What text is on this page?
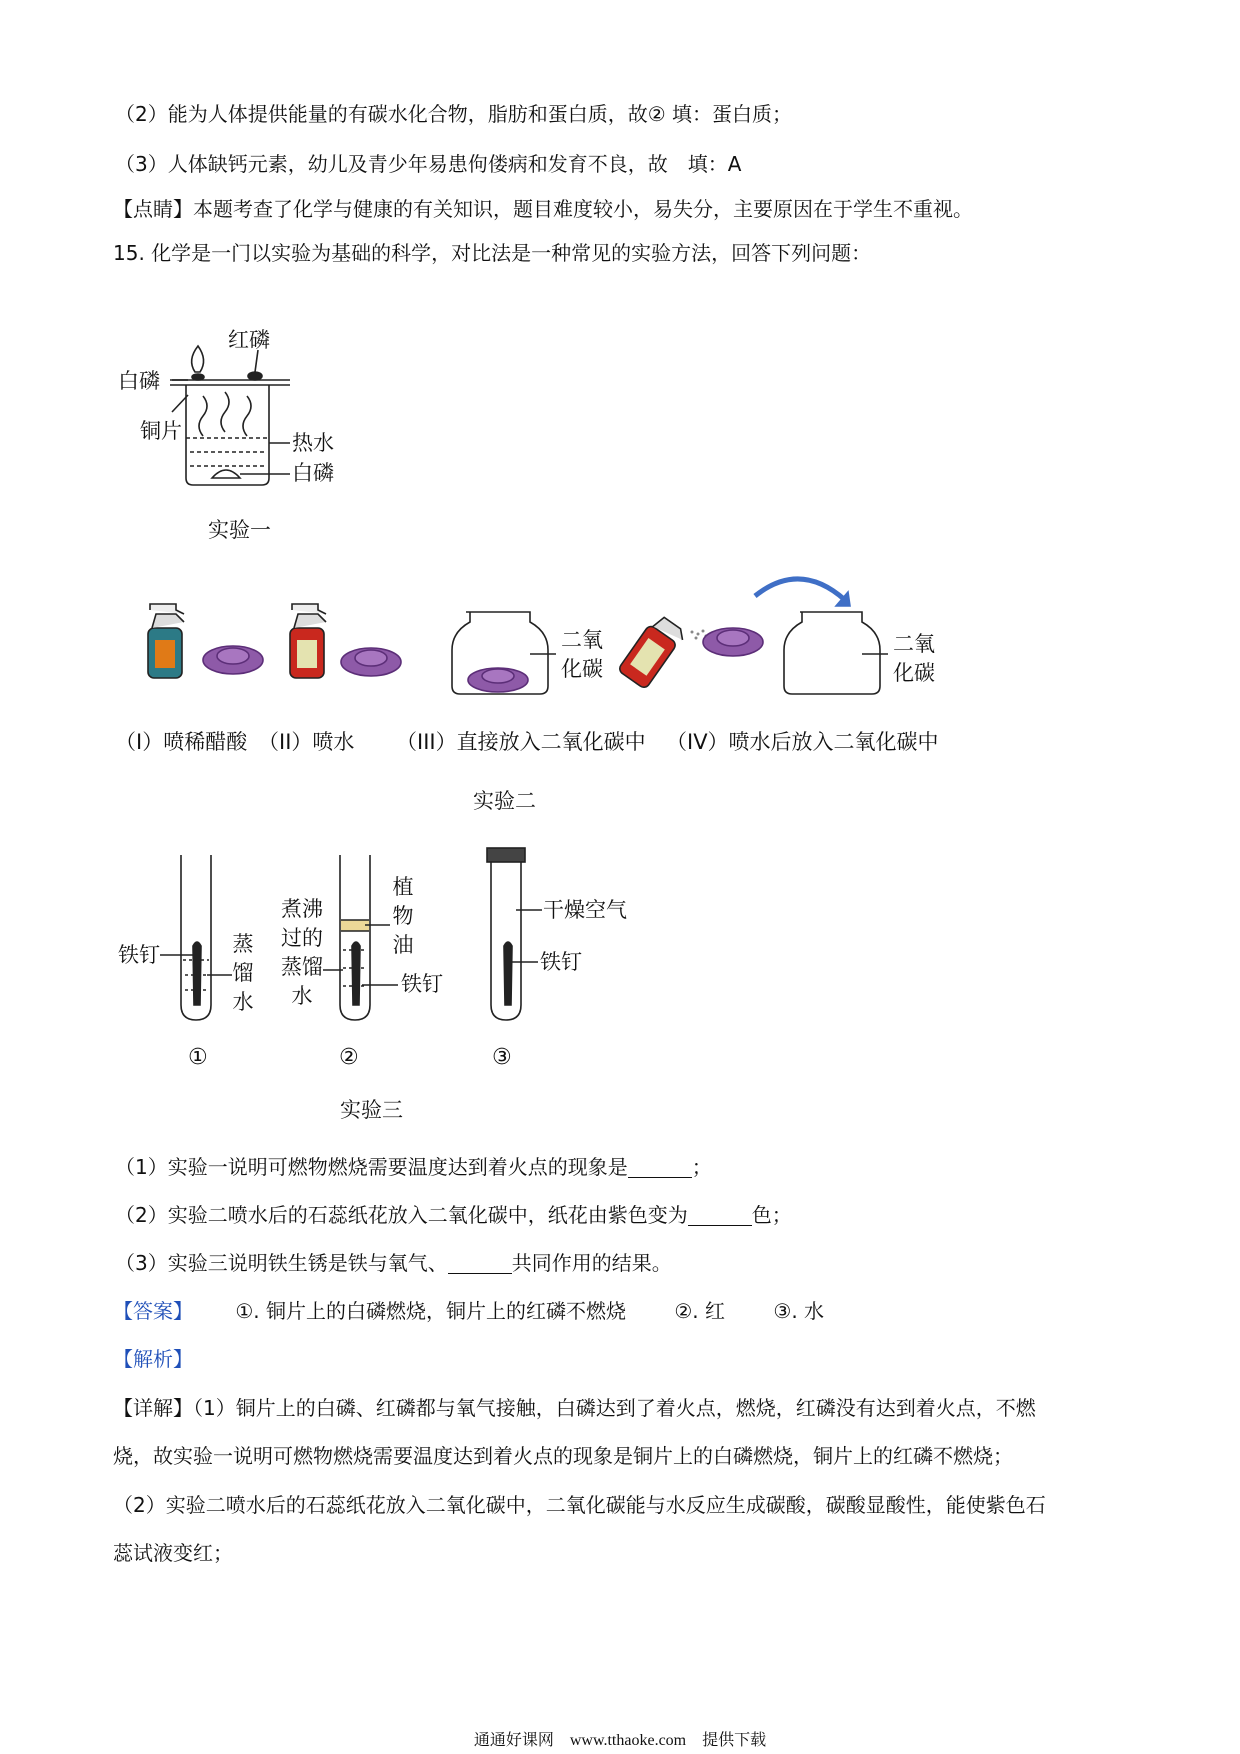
（2）能为人体提供能量的有碳水化合物，脂肪和蛋白质，故② 填：蛋白质；
（3）人体缺钙元素，幼儿及青少年易患佝偻病和发育不良，故　填：A
【点睛】本题考查了化学与健康的有关知识，题目难度较小，易失分，主要原因在于学生不重视。
15. 化学是一门以实验为基础的科学，对比法是一种常见的实验方法，回答下列问题：
红磷
白磷
铜片	热水
白磷
实验一
二氧化碳
二氧化碳
（I）喷稀醋酸 （II）喷水 （III）直接放入二氧化碳中 （IV）喷水后放入二氧化碳中
实验二
铁钉	蒸馏水
煮沸过的蒸馏水
植物油
铁钉
干燥空气
铁钉
①	②	③
实验三
（1）实验一说明可燃物燃烧需要温度达到着火点的现象是	；
（2）实验二喷水后的石蕊纸花放入二氧化碳中，纸花由紫色变为	色；
（3）实验三说明铁生锈是铁与氧气、	共同作用的结果。
【答案】 ①. 铜片上的白磷燃烧，铜片上的红磷不燃烧 ②. 红 ③. 水
【解析】
【详解】（1）铜片上的白磷、红磷都与氧气接触，白磷达到了着火点，燃烧，红磷没有达到着火点，不燃
烧，故实验一说明可燃物燃烧需要温度达到着火点的现象是铜片上的白磷燃烧，铜片上的红磷不燃烧；
（2）实验二喷水后的石蕊纸花放入二氧化碳中，二氧化碳能与水反应生成碳酸，碳酸显酸性，能使紫色石
蕊试液变红；
通通好课网　www.tthaoke.com　提供下载
